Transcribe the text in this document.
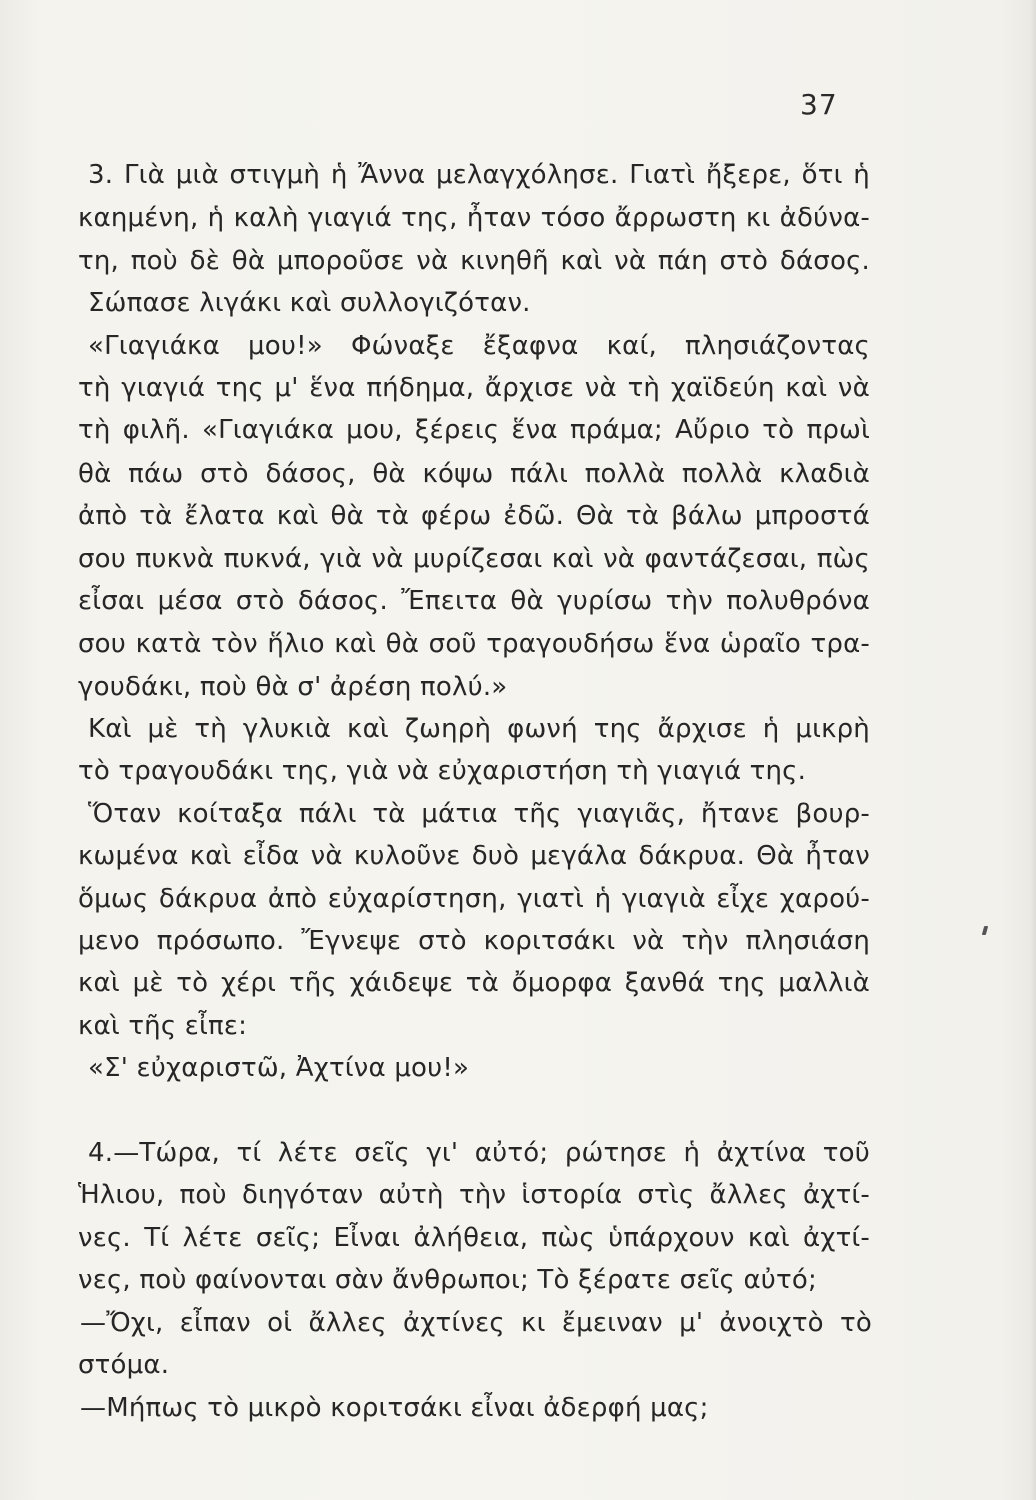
37
3. Γιὰ μιὰ στιγμὴ ἡ Ἄννα μελαγχόλησε. Γιατὶ ἤξερε, ὅτι ἡ
καημένη, ἡ καλὴ γιαγιά της, ἦταν τόσο ἄρρωστη κι ἀδύνα-
τη, ποὺ δὲ θὰ μποροῦσε νὰ κινηθῆ καὶ νὰ πάη στὸ δάσος.
Σώπασε λιγάκι καὶ συλλογιζόταν.
«Γιαγιάκα μου!» Φώναξε ἔξαφνα καί, πλησιάζοντας
τὴ γιαγιά της μ' ἕνα πήδημα, ἄρχισε νὰ τὴ χαϊδεύη καὶ νὰ
τὴ φιλῆ. «Γιαγιάκα μου, ξέρεις ἕνα πράμα; Αὔριο τὸ πρωὶ
θὰ πάω στὸ δάσος, θὰ κόψω πάλι πολλὰ πολλὰ κλαδιὰ
ἀπὸ τὰ ἔλατα καὶ θὰ τὰ φέρω ἐδῶ. Θὰ τὰ βάλω μπροστά
σου πυκνὰ πυκνά, γιὰ νὰ μυρίζεσαι καὶ νὰ φαντάζεσαι, πὼς
εἶσαι μέσα στὸ δάσος. Ἔπειτα θὰ γυρίσω τὴν πολυθρόνα
σου κατὰ τὸν ἥλιο καὶ θὰ σοῦ τραγουδήσω ἕνα ὡραῖο τρα-
γουδάκι, ποὺ θὰ σ' ἀρέση πολύ.»
Καὶ μὲ τὴ γλυκιὰ καὶ ζωηρὴ φωνή της ἄρχισε ἡ μικρὴ
τὸ τραγουδάκι της, γιὰ νὰ εὐχαριστήση τὴ γιαγιά της.
Ὅταν κοίταξα πάλι τὰ μάτια τῆς γιαγιᾶς, ἤτανε βουρ-
κωμένα καὶ εἶδα νὰ κυλοῦνε δυὸ μεγάλα δάκρυα. Θὰ ἦταν
ὅμως δάκρυα ἀπὸ εὐχαρίστηση, γιατὶ ἡ γιαγιὰ εἶχε χαρού-
μενο πρόσωπο. Ἔγνεψε στὸ κοριτσάκι νὰ τὴν πλησιάση
καὶ μὲ τὸ χέρι τῆς χάιδεψε τὰ ὄμορφα ξανθά της μαλλιὰ
καὶ τῆς εἶπε:
«Σ' εὐχαριστῶ, Ἀχτίνα μου!»
4.—Τώρα, τί λέτε σεῖς γι' αὐτό; ρώτησε ἡ ἀχτίνα τοῦ
Ἡλιου, ποὺ διηγόταν αὐτὴ τὴν ἱστορία στὶς ἄλλες ἀχτί-
νες. Τί λέτε σεῖς; Εἶναι ἀλήθεια, πὼς ὑπάρχουν καὶ ἀχτί-
νες, ποὺ φαίνονται σὰν ἄνθρωποι; Τὸ ξέρατε σεῖς αὐτό;
—Ὄχι, εἶπαν οἱ ἄλλες ἀχτίνες κι ἔμειναν μ' ἀνοιχτὸ τὸ
στόμα.
—Μήπως τὸ μικρὸ κοριτσάκι εἶναι ἀδερφή μας;
